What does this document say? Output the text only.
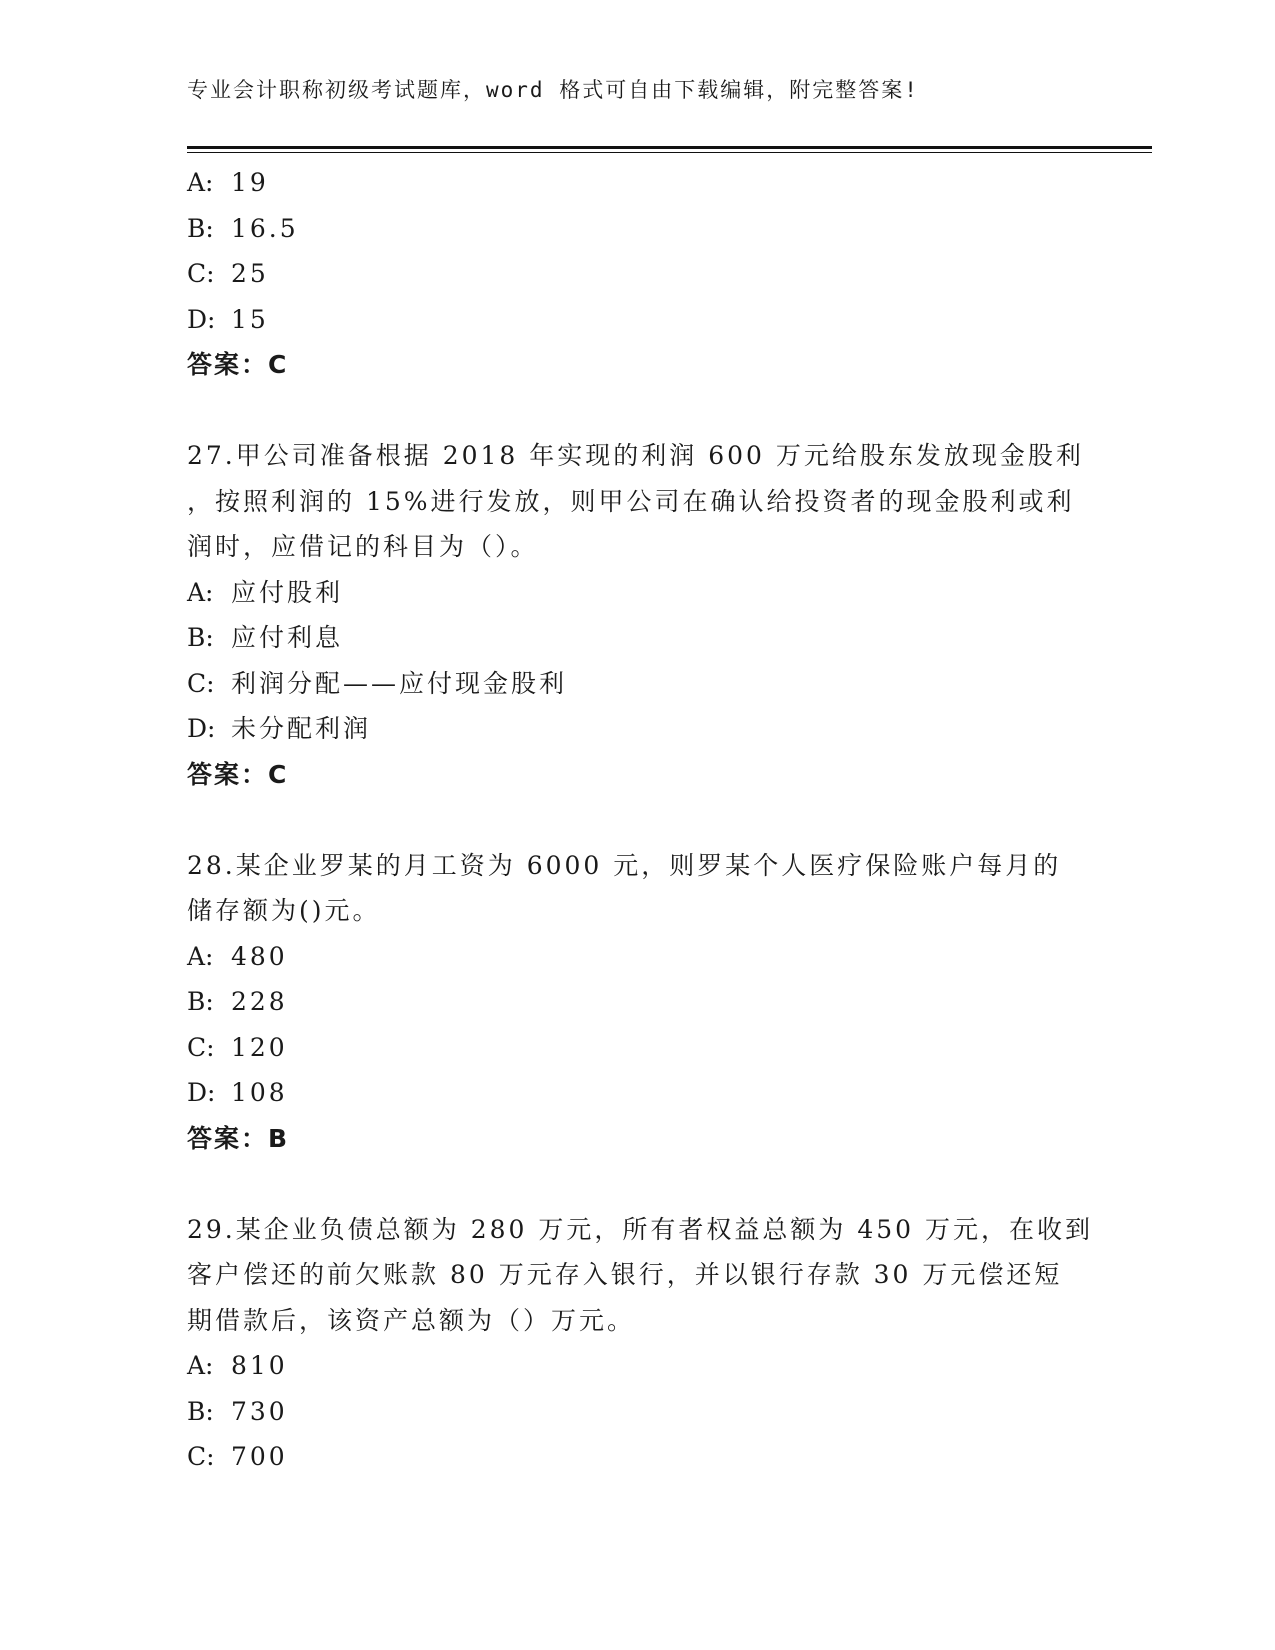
专业会计职称初级考试题库，word 格式可自由下载编辑，附完整答案!
A: 19
B: 16.5
C: 25
D: 15
答案：C
27.甲公司准备根据 2018 年实现的利润 600 万元给股东发放现金股利
，按照利润的 15%进行发放，则甲公司在确认给投资者的现金股利或利
润时，应借记的科目为（）。
A: 应付股利
B: 应付利息
C: 利润分配——应付现金股利
D: 未分配利润
答案：C
28.某企业罗某的月工资为 6000 元，则罗某个人医疗保险账户每月的
储存额为()元。
A: 480
B: 228
C: 120
D: 108
答案：B
29.某企业负债总额为 280 万元，所有者权益总额为 450 万元，在收到
客户偿还的前欠账款 80 万元存入银行，并以银行存款 30 万元偿还短
期借款后，该资产总额为（）万元。
A: 810
B: 730
C: 700
